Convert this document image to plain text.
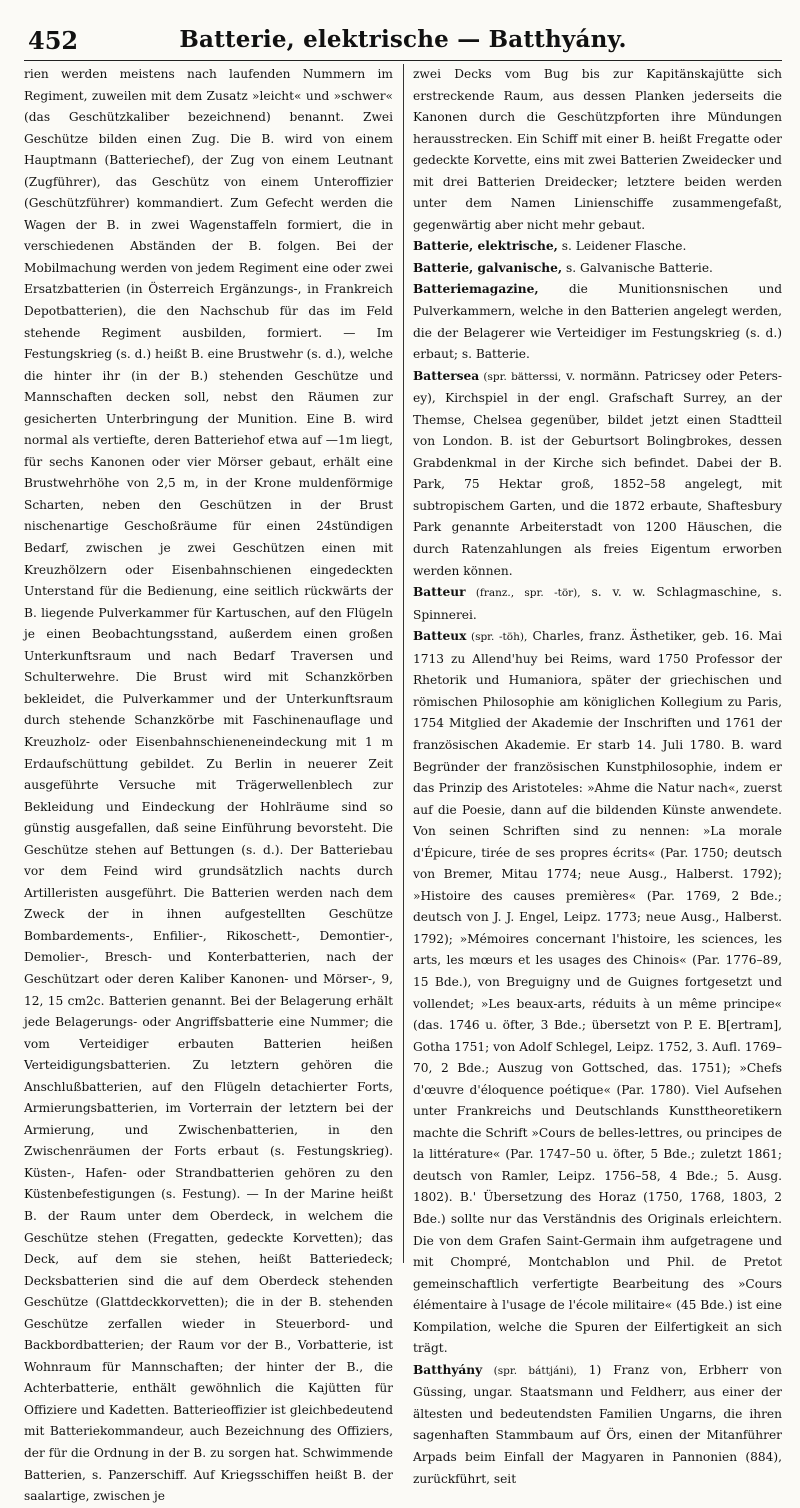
452	Batterie, elektrische — Batthyány.

rien werden meistens nach laufenden Nummern im Regiment, zuweilen mit dem Zusatz »leicht« und »schwer« (das Geschützkaliber bezeichnend) benannt. Zwei Geschütze bilden einen Zug. Die B. wird von einem Hauptmann (Batteriechef), der Zug von einem Leutnant (Zugführer), das Geschütz von einem Unteroffizier (Geschützführer) kommandiert. Zum Gefecht werden die Wagen der B. in zwei Wagenstaffeln formiert, die in verschiedenen Abständen der B. folgen. Bei der Mobilmachung werden von jedem Regiment eine oder zwei Ersatzbatterien (in Österreich Ergänzungs-, in Frankreich Depotbatterien), die den Nachschub für das im Feld stehende Regiment ausbilden, formiert. — Im Festungskrieg (s. d.) heißt B. eine Brustwehr (s. d.), welche die hinter ihr (in der B.) stehenden Geschütze und Mannschaften decken soll, nebst den Räumen zur gesicherten Unterbringung der Munition. Eine B. wird normal als vertiefte, deren Batteriehof etwa auf —1m liegt, für sechs Kanonen oder vier Mörser gebaut, erhält eine Brustwehrhöhe von 2,5 m, in der Krone muldenförmige Scharten, neben den Geschützen in der Brust nischenartige Geschoßräume für einen 24stündigen Bedarf, zwischen je zwei Geschützen einen mit Kreuzhölzern oder Eisenbahnschienen eingedeckten Unterstand für die Bedienung, eine seitlich rückwärts der B. liegende Pulverkammer für Kartuschen, auf den Flügeln je einen Beobachtungsstand, außerdem einen großen Unterkunftsraum und nach Bedarf Traversen und Schulterwehre. Die Brust wird mit Schanzkörben bekleidet, die Pulverkammer und der Unterkunftsraum durch stehende Schanzkörbe mit Faschinenauflage und Kreuzholz- oder Eisenbahnschieneneindeckung mit 1 m Erdaufschüttung gebildet. Zu Berlin in neuerer Zeit ausgeführte Versuche mit Trägerwellenblech zur Bekleidung und Eindeckung der Hohlräume sind so günstig ausgefallen, daß seine Einführung bevorsteht. Die Geschütze stehen auf Bettungen (s. d.). Der Batteriebau vor dem Feind wird grundsätzlich nachts durch Artilleristen ausgeführt. Die Batterien werden nach dem Zweck der in ihnen aufgestellten Geschütze Bombardements-, Enfilier-, Rikoschett-, Demontier-, Demolier-, Bresch- und Konterbatterien, nach der Geschützart oder deren Kaliber Kanonen- und Mörser-, 9, 12, 15 cm2c. Batterien genannt. Bei der Belagerung erhält jede Belagerungs- oder Angriffsbatterie eine Nummer; die vom Verteidiger erbauten Batterien heißen Verteidigungsbatterien. Zu letztern gehören die Anschlußbatterien, auf den Flügeln detachierter Forts, Armierungsbatterien, im Vorterrain der letztern bei der Armierung, und Zwischenbatterien, in den Zwischenräumen der Forts erbaut (s. Festungskrieg). Küsten-, Hafen- oder Strandbatterien gehören zu den Küstenbefestigungen (s. Festung). — In der Marine heißt B. der Raum unter dem Oberdeck, in welchem die Geschütze stehen (Fregatten, gedeckte Korvetten); das Deck, auf dem sie stehen, heißt Batteriedeck; Decksbatterien sind die auf dem Oberdeck stehenden Geschütze (Glattdeckkorvetten); die in der B. stehenden Geschütze zerfallen wieder in Steuerbord- und Backbordbatterien; der Raum vor der B., Vorbatterie, ist Wohnraum für Mannschaften; der hinter der B., die Achterbatterie, enthält gewöhnlich die Kajütten für Offiziere und Kadetten. Batterieoffizier ist gleichbedeutend mit Batteriekommandeur, auch Bezeichnung des Offiziers, der für die Ordnung in der B. zu sorgen hat. Schwimmende Batterien, s. Panzerschiff. Auf Kriegsschiffen heißt B. der saalartige, zwischen je

zwei Decks vom Bug bis zur Kapitänskajütte sich erstreckende Raum, aus dessen Planken jederseits die Kanonen durch die Geschützpforten ihre Mündungen herausstrecken. Ein Schiff mit einer B. heißt Fregatte oder gedeckte Korvette, eins mit zwei Batterien Zweidecker und mit drei Batterien Dreidecker; letztere beiden werden unter dem Namen Linienschiffe zusammengefaßt, gegenwärtig aber nicht mehr gebaut.

Batterie, elektrische, s. Leidener Flasche.

Batterie, galvanische, s. Galvanische Batterie.

Batteriemagazine, die Munitionsnischen und Pulverkammern, welche in den Batterien angelegt werden, die der Belagerer wie Verteidiger im Festungskrieg (s. d.) erbaut; s. Batterie.

Battersea (spr. bätterssi, v. normänn. Patricsey oder Peters-ey), Kirchspiel in der engl. Grafschaft Surrey, an der Themse, Chelsea gegenüber, bildet jetzt einen Stadtteil von London. B. ist der Geburtsort Bolingbrokes, dessen Grabdenkmal in der Kirche sich befindet. Dabei der B. Park, 75 Hektar groß, 1852–58 angelegt, mit subtropischem Garten, und die 1872 erbaute, Shaftesbury Park genannte Arbeiterstadt von 1200 Häuschen, die durch Ratenzahlungen als freies Eigentum erworben werden können.

Batteur (franz., spr. -tör), s. v. w. Schlagmaschine, s. Spinnerei.

Batteux (spr. -töh), Charles, franz. Ästhetiker, geb. 16. Mai 1713 zu Allend'huy bei Reims, ward 1750 Professor der Rhetorik und Humaniora, später der griechischen und römischen Philosophie am königlichen Kollegium zu Paris, 1754 Mitglied der Akademie der Inschriften und 1761 der französischen Akademie. Er starb 14. Juli 1780. B. ward Begründer der französischen Kunstphilosophie, indem er das Prinzip des Aristoteles: »Ahme die Natur nach«, zuerst auf die Poesie, dann auf die bildenden Künste anwendete. Von seinen Schriften sind zu nennen: »La morale d'Épicure, tirée de ses propres écrits« (Par. 1750; deutsch von Bremer, Mitau 1774; neue Ausg., Halberst. 1792); »Histoire des causes premières« (Par. 1769, 2 Bde.; deutsch von J. J. Engel, Leipz. 1773; neue Ausg., Halberst. 1792); »Mémoires concernant l'histoire, les sciences, les arts, les mœurs et les usages des Chinois« (Par. 1776–89, 15 Bde.), von Breguigny und de Guignes fortgesetzt und vollendet; »Les beaux-arts, réduits à un même principe« (das. 1746 u. öfter, 3 Bde.; übersetzt von P. E. B[ertram], Gotha 1751; von Adolf Schlegel, Leipz. 1752, 3. Aufl. 1769–70, 2 Bde.; Auszug von Gottsched, das. 1751); »Chefs d'œuvre d'éloquence poétique« (Par. 1780). Viel Aufsehen unter Frankreichs und Deutschlands Kunsttheoretikern machte die Schrift »Cours de belles-lettres, ou principes de la littérature« (Par. 1747–50 u. öfter, 5 Bde.; zuletzt 1861; deutsch von Ramler, Leipz. 1756–58, 4 Bde.; 5. Ausg. 1802). B.' Übersetzung des Horaz (1750, 1768, 1803, 2 Bde.) sollte nur das Verständnis des Originals erleichtern. Die von dem Grafen Saint-Germain ihm aufgetragene und mit Chompré, Montchablon und Phil. de Pretot gemeinschaftlich verfertigte Bearbeitung des »Cours élémentaire à l'usage de l'école militaire« (45 Bde.) ist eine Kompilation, welche die Spuren der Eilfertigkeit an sich trägt.

Batthyány (spr. báttjáni), 1) Franz von, Erbherr von Güssing, ungar. Staatsmann und Feldherr, aus einer der ältesten und bedeutendsten Familien Ungarns, die ihren sagenhaften Stammbaum auf Örs, einen der Mitanführer Arpads beim Einfall der Magyaren in Pannonien (884), zurückführt, seit
